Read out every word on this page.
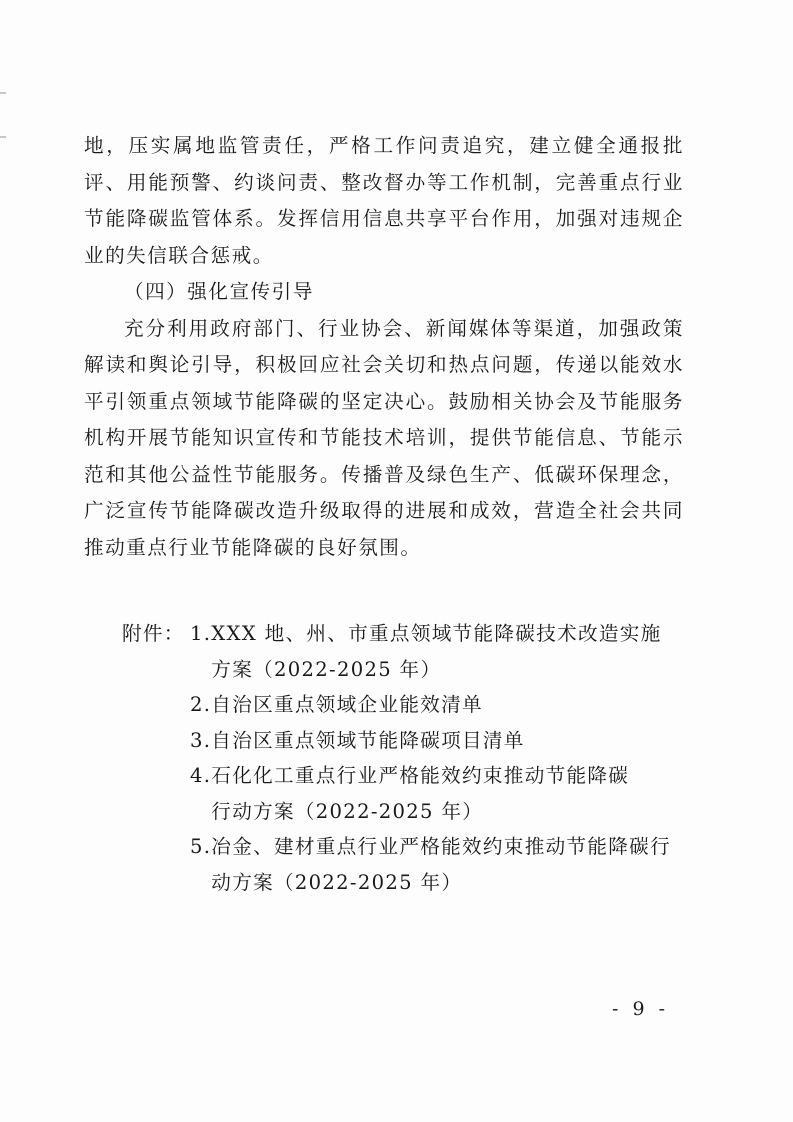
地，压实属地监管责任，严格工作问责追究，建立健全通报批评、用能预警、约谈问责、整改督办等工作机制，完善重点行业节能降碳监管体系。发挥信用信息共享平台作用，加强对违规企业的失信联合惩戒。

（四）强化宣传引导

充分利用政府部门、行业协会、新闻媒体等渠道，加强政策解读和舆论引导，积极回应社会关切和热点问题，传递以能效水平引领重点领域节能降碳的坚定决心。鼓励相关协会及节能服务机构开展节能知识宣传和节能技术培训，提供节能信息、节能示范和其他公益性节能服务。传播普及绿色生产、低碳环保理念，广泛宣传节能降碳改造升级取得的进展和成效，营造全社会共同推动重点行业节能降碳的良好氛围。

附件： 1. XXX 地、州、市重点领域节能降碳技术改造实施
方案（2022-2025 年）
2. 自治区重点领域企业能效清单
3. 自治区重点领域节能降碳项目清单
4. 石化化工重点行业严格能效约束推动节能降碳
行动方案（2022-2025 年）
5. 冶金、建材重点行业严格能效约束推动节能降碳行
动方案（2022-2025 年）
- 9 -
